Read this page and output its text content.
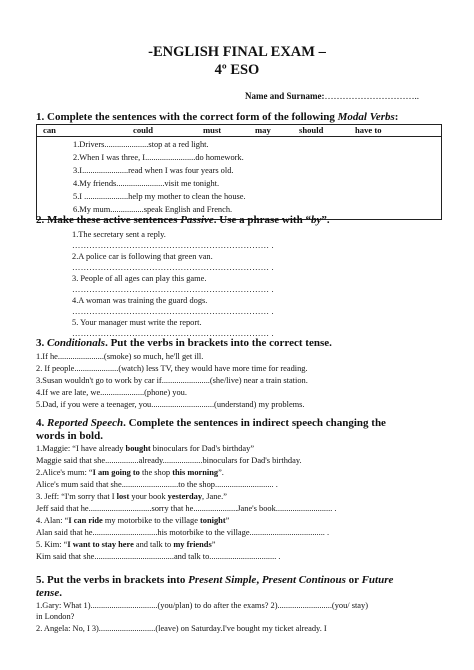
-ENGLISH FINAL EXAM –
4º ESO
Name and Surname:…………………………..
1. Complete the sentences with the correct form of the following Modal Verbs:
can	could	must	may	should	have to
1.Drivers.....................stop at a red light.
2.When I was three, I........................do homework.
3.I......................read when I was four years old.
4.My friends.......................visit me tonight.
5.I .....................help my mother to clean the house.
6.My mum................speak English and French.
2. Make these active sentences Passive. Use a phrase with “by”.
1.The secretary sent a reply.
…………………………………………………………… .
2.A police car is following that green van.
…………………………………………………………… .
3. People of all ages can play this game.
…………………………………………………………… .
4.A woman was training the guard dogs.
…………………………………………………………… .
5. Your manager must write the report.
…………………………………………………………… .
3. Conditionals. Put the verbs in brackets into the correct tense.
1.If he......................(smoke) so much, he'll get ill.
2. If people.....................(watch) less TV, they would have more time for reading.
3.Susan wouldn't go to work by car if.......................(she/live) near a train station.
4.If we are late, we.....................(phone) you.
5.Dad, if you were a teenager, you..............................(understand) my problems.
4. Reported Speech. Complete the sentences in indirect speech changing the
words in bold.
1.Maggie: “I have already bought binoculars for Dad's birthday”
Maggie said that she................already...................binoculars for Dad's birthday.
2.Alice's mum: “I am going to the shop this morning”.
Alice's mum said that she...........................to the shop............................ .
3. Jeff: “I'm sorry that I lost your book yesterday, Jane.”
Jeff said that he..............................sorry that he.....................Jane's book........................... .
4. Alan: “I can ride my motorbike to the village tonight”
Alan said that he...............................his motorbike to the village.................................... .
5. Kim: “I want to stay here and talk to my friends”
Kim said that she......................................and talk to................................ .
5. Put the verbs in brackets into Present Simple, Present Continous or Future
tense.
1.Gary: What 1)................................(you/plan) to do after the exams? 2)..........................(you/ stay)
in London?
2. Angela: No, I 3)...........................(leave) on Saturday.I've bought my ticket already. I
